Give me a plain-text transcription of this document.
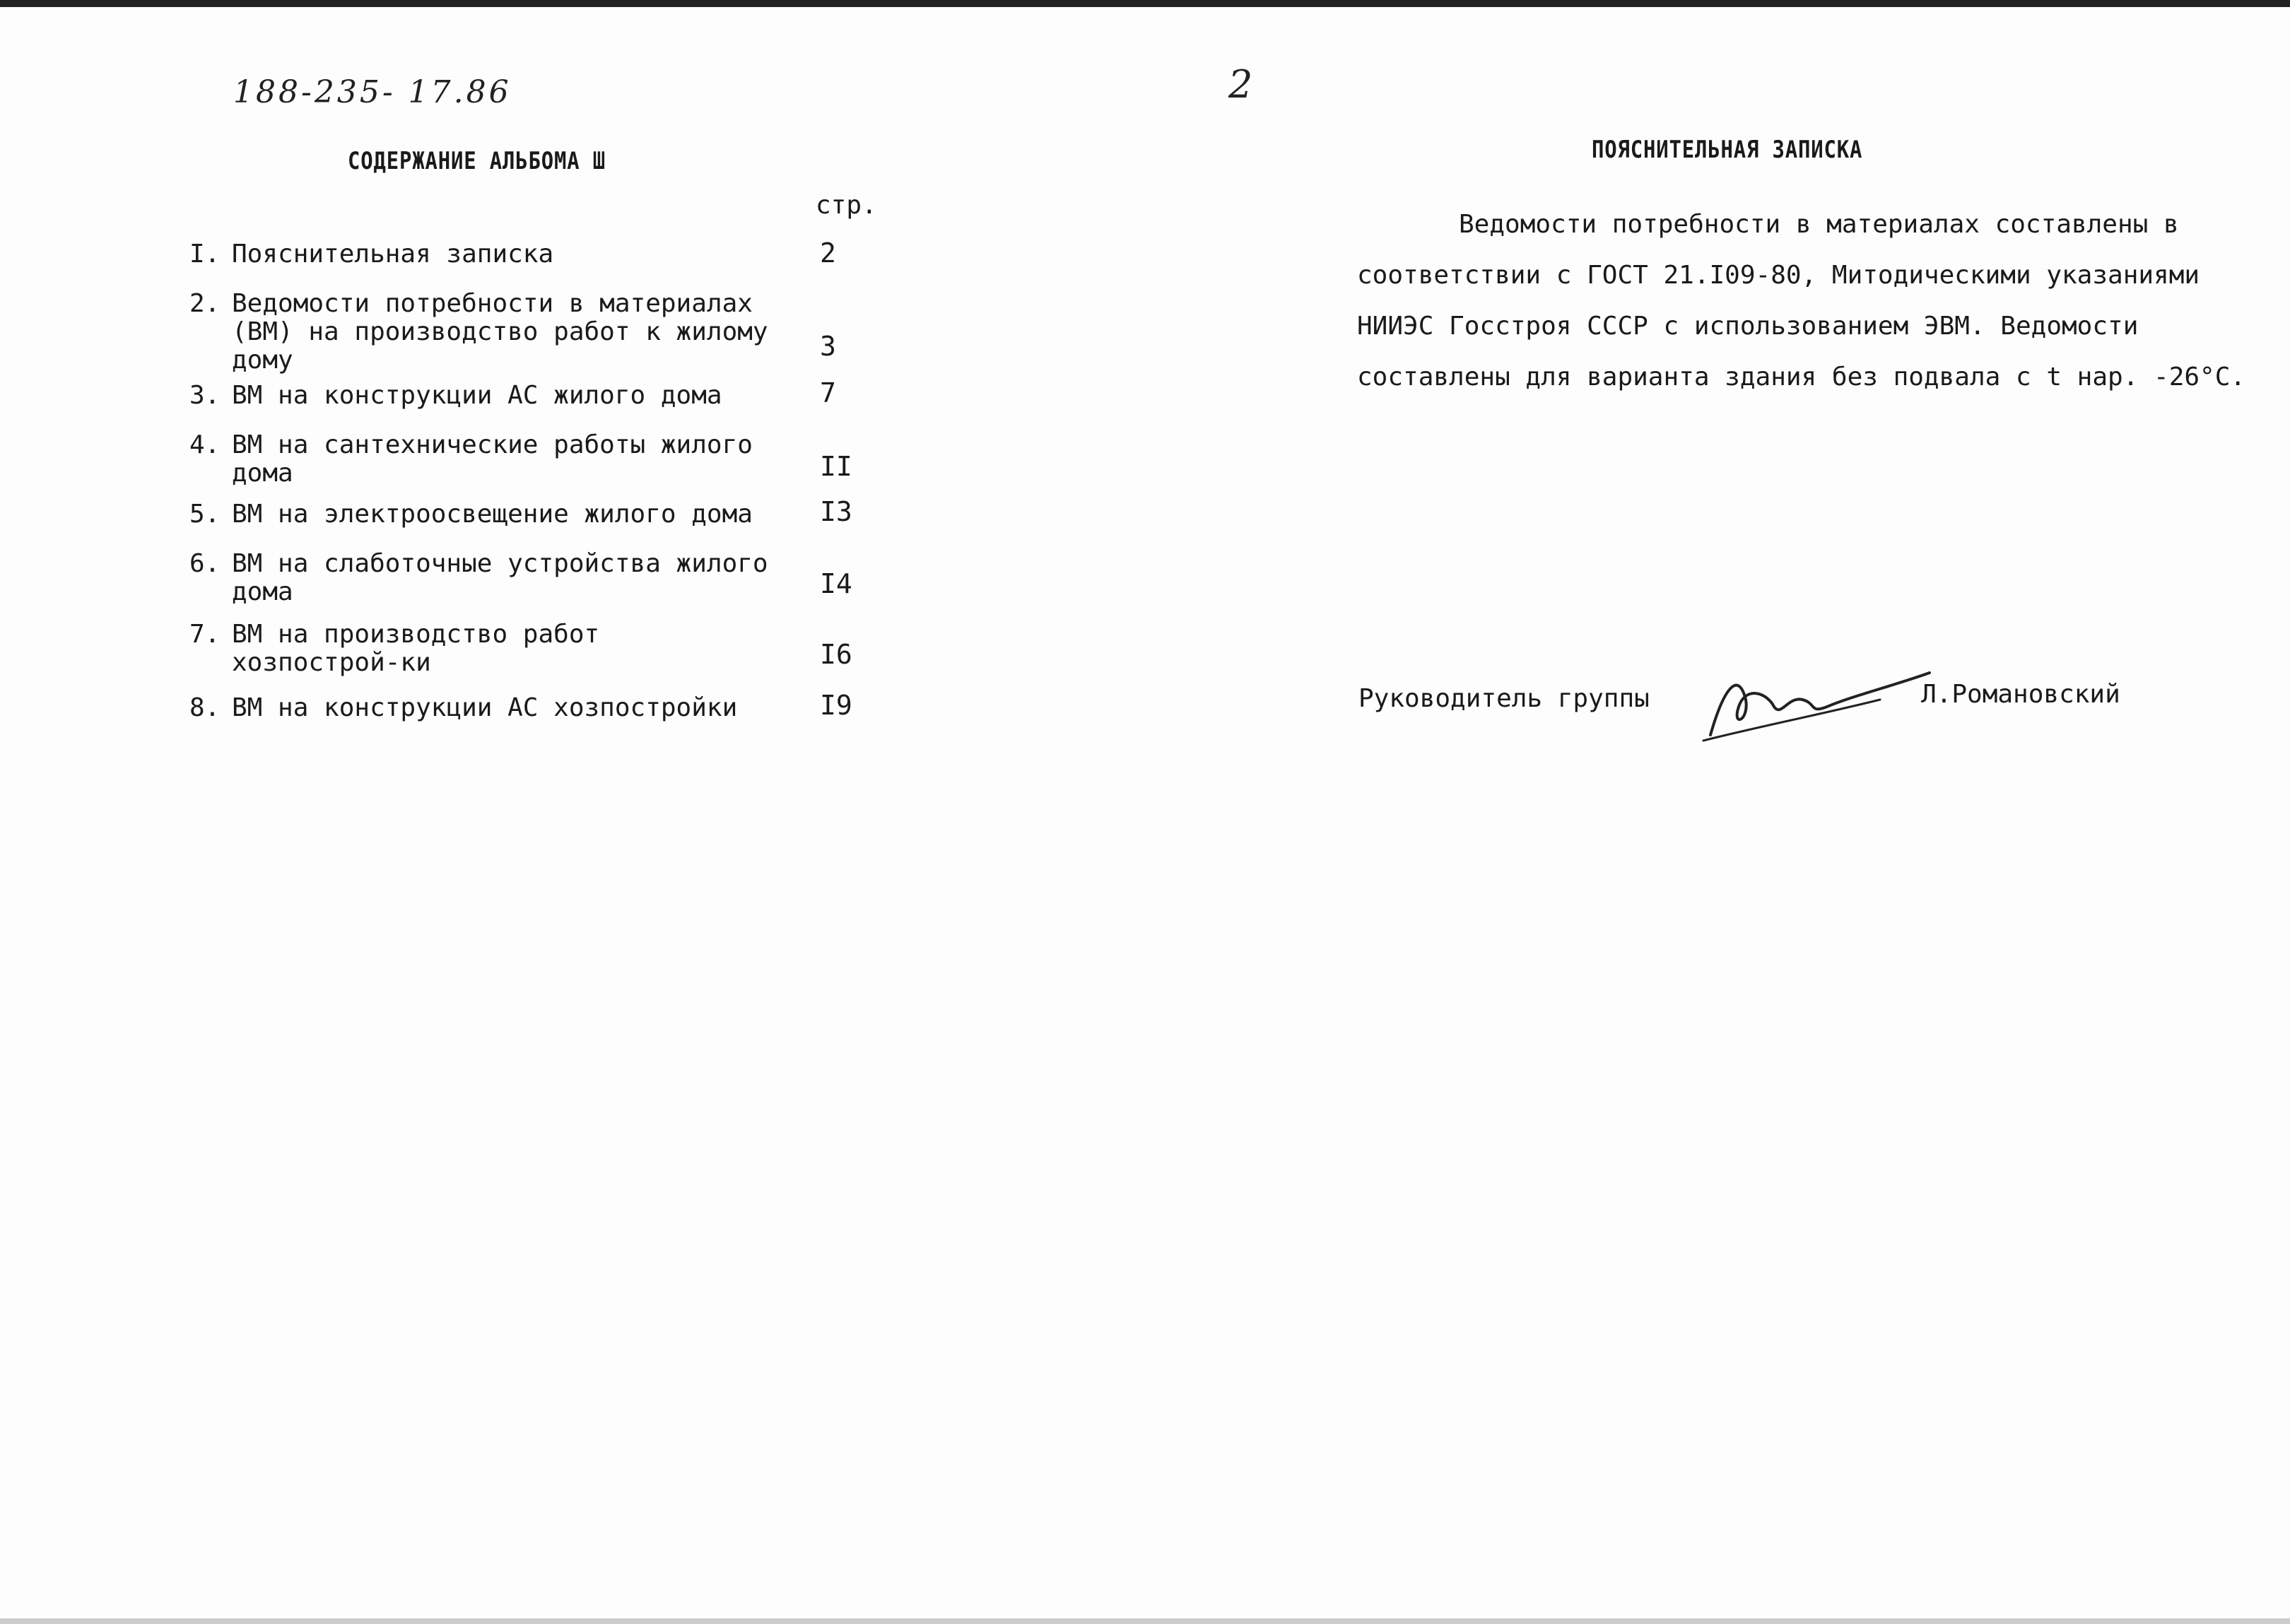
188-235- 17.86
СОДЕРЖАНИЕ АЛЬБОМА Ш
стр.
I. Пояснительная записка	2
2. Ведомости потребности в материалах (ВМ) на производство работ к жилому дому	3
3. ВМ на конструкции АС жилого дома	7
4. ВМ на сантехнические работы жилого дома	II
5. ВМ на электроосвещение жилого дома	I3
6. ВМ на слаботочные устройства жилого дома	I4
7. ВМ на производство работ хозпострой-ки	I6
8. ВМ на конструкции АС хозпостройки	I9
2
ПОЯСНИТЕЛЬНАЯ ЗАПИСКА

Ведомости потребности в материалах составлены в соответствии с ГОСТ 21.I09-80, Митодическими указаниями НИИЭС Госстроя СССР с использованием ЭВМ. Ведомости составлены для варианта здания без подвала с t нар. -26°С.

Руководитель группы	Л.Романовский
